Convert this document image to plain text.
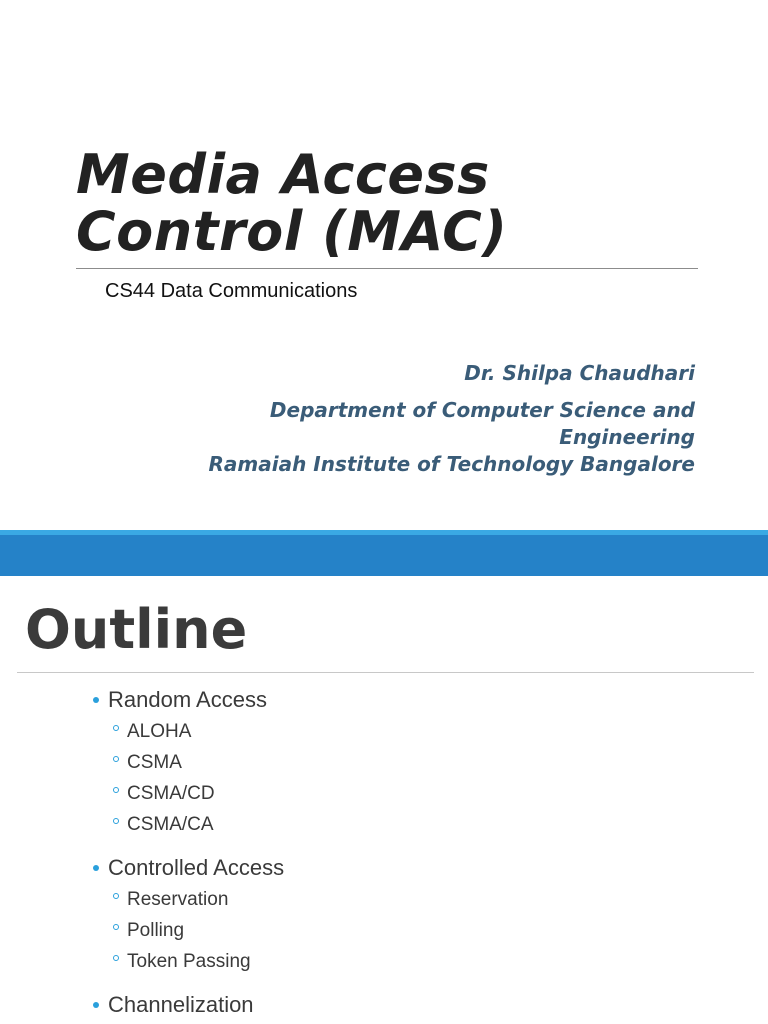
Media Access
Control (MAC)
CS44 Data Communications

Dr. Shilpa Chaudhari

Department of Computer Science and
Engineering
Ramaiah Institute of Technology Bangalore

Outline
Random Access
ALOHA
CSMA
CSMA/CD
CSMA/CA
Controlled Access
Reservation
Polling
Token Passing
Channelization
